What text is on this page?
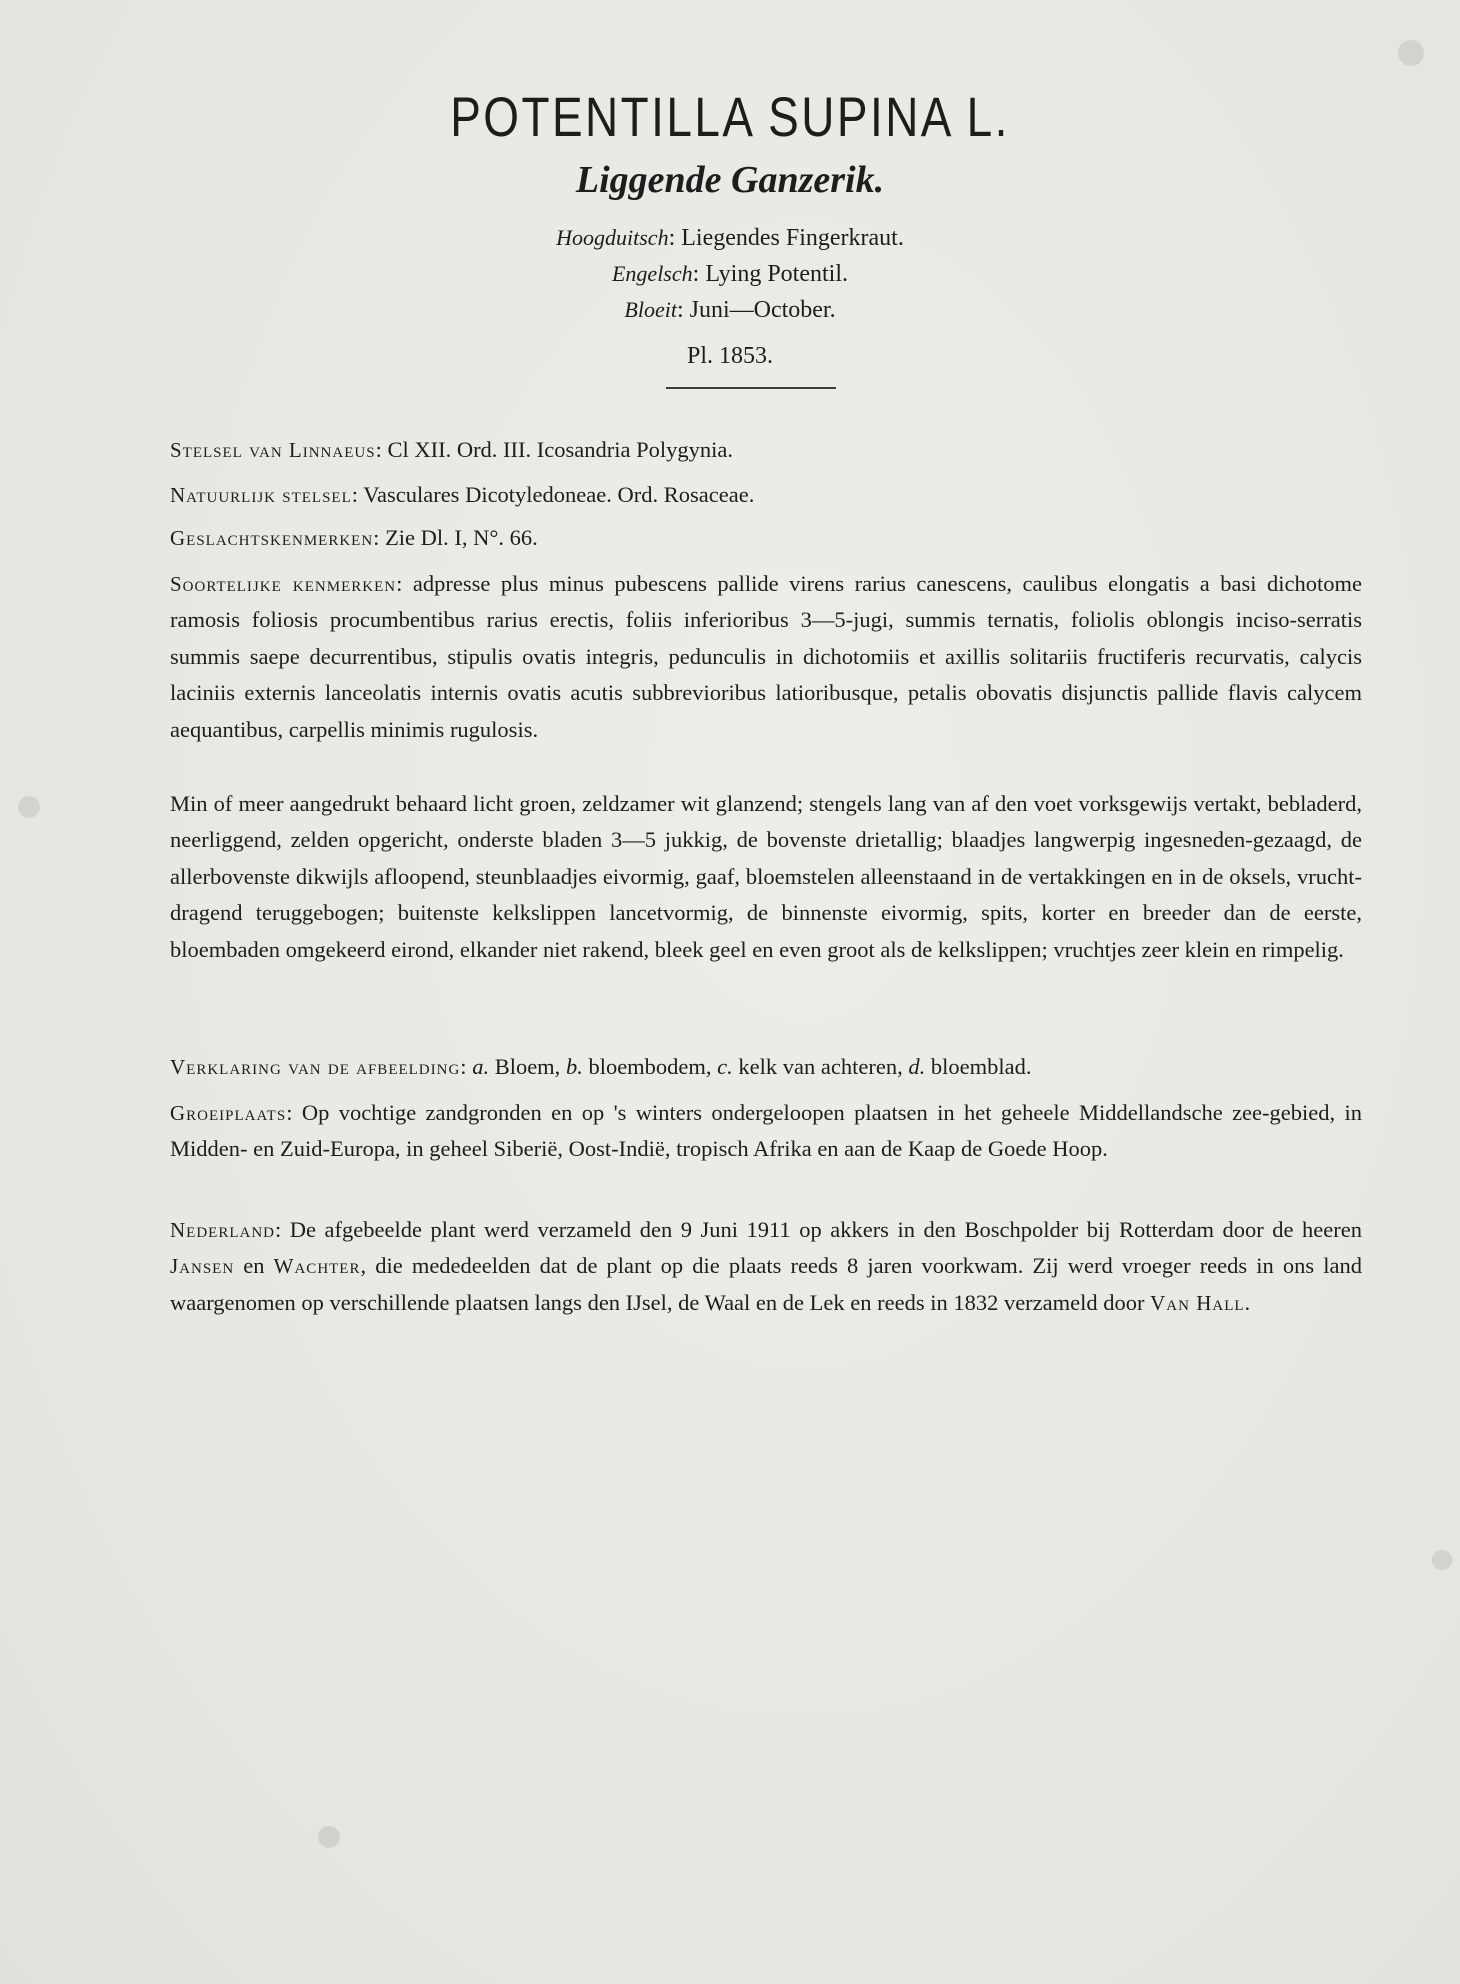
POTENTILLA SUPINA L.
Liggende Ganzerik.
Hoogduitsch: Liegendes Fingerkraut.
Engelsch: Lying Potentil.
Bloeit: Juni—October.
Pl. 1853.
Stelsel van Linnaeus: Cl XII. Ord. III. Icosandria Polygynia.
Natuurlijk stelsel: Vasculares Dicotyledoneae. Ord. Rosaceae.
Geslachtskenmerken: Zie Dl. I, N°. 66.
Soortelijke kenmerken: adpresse plus minus pubescens pallide virens rarius canescens, caulibus elongatis a basi dichotome ramosis foliosis procumbentibus rarius erectis, foliis inferioribus 3—5-jugi, summis ternatis, foliolis oblongis inciso-serratis summis saepe decurrentibus, stipulis ovatis integris, pedunculis in dichotomiis et axillis solitariis fructiferis recurvatis, calycis laciniis externis lanceolatis internis ovatis acutis subbrevioribus latioribusque, petalis obovatis disjunctis pallide flavis calycem aequantibus, carpellis minimis rugulosis.
Min of meer aangedrukt behaard licht groen, zeldzamer wit glanzend; stengels lang van af den voet vorksgewijs vertakt, bebladerd, neerliggend, zelden opgericht, onderste bladen 3—5 jukkig, de bovenste drietallig; blaadjes langwerpig ingesneden-gezaagd, de allerbovenste dikwijls afloopend, steunblaadjes eivormig, gaaf, bloemstelen alleenstaand in de vertakkingen en in de oksels, vrucht-dragend teruggebogen; buitenste kelkslippen lancetvormig, de binnenste eivormig, spits, korter en breeder dan de eerste, bloembaden omgekeerd eirond, elkander niet rakend, bleek geel en even groot als de kelkslippen; vruchtjes zeer klein en rimpelig.
Verklaring van de afbeelding: a. Bloem, b. bloembodem, c. kelk van achteren, d. bloemblad.
Groeiplaats: Op vochtige zandgronden en op 's winters ondergeloopen plaatsen in het geheele Middellandsche zee-gebied, in Midden- en Zuid-Europa, in geheel Siberië, Oost-Indië, tropisch Afrika en aan de Kaap de Goede Hoop.
Nederland: De afgebeelde plant werd verzameld den 9 Juni 1911 op akkers in den Boschpolder bij Rotterdam door de heeren Jansen en Wachter, die mededeelden dat de plant op die plaats reeds 8 jaren voorkwam. Zij werd vroeger reeds in ons land waargenomen op verschillende plaatsen langs den IJsel, de Waal en de Lek en reeds in 1832 verzameld door Van Hall.
